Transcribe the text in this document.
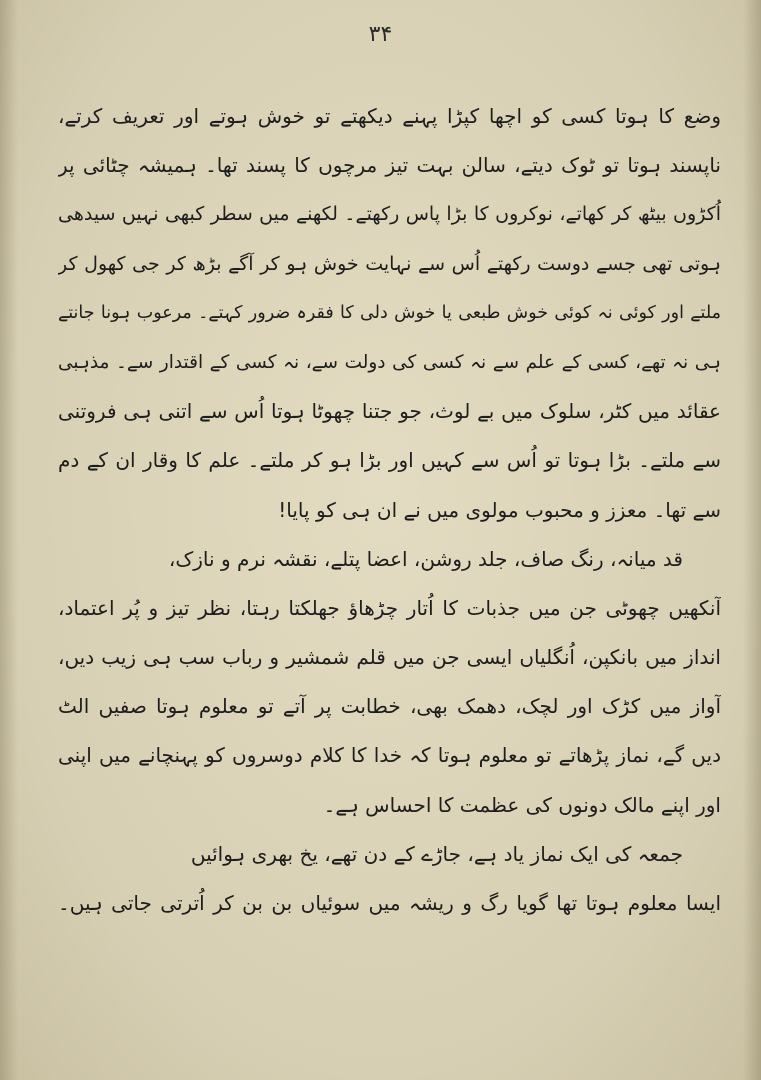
۳۴
وضع کا ہوتا کسی کو اچھا کپڑا پہنے دیکھتے تو خوش ہوتے اور تعریف کرتے،
ناپسند ہوتا تو ٹوک دیتے، سالن بہت تیز مرچوں کا پسند تھا۔ ہمیشہ چٹائی پر
اُکڑوں بیٹھ کر کھاتے، نوکروں کا بڑا پاس رکھتے۔ لکھنے میں سطر کبھی نہیں سیدھی
ہوتی تھی جسے دوست رکھتے اُس سے نہایت خوش ہو کر آگے بڑھ کر جی کھول کر
ملتے اور کوئی نہ کوئی خوش طبعی یا خوش دلی کا فقرہ ضرور کہتے۔ مرعوب ہونا جانتے
ہی نہ تھے، کسی کے علم سے نہ کسی کی دولت سے، نہ کسی کے اقتدار سے۔ مذہبی
عقائد میں کٹر، سلوک میں بے لوث، جو جتنا چھوٹا ہوتا اُس سے اتنی ہی فروتنی
سے ملتے۔ بڑا ہوتا تو اُس سے کہیں اور بڑا ہو کر ملتے۔ علم کا وقار ان کے دم
سے تھا۔ معزز و محبوب مولوی میں نے ان ہی کو پایا!
قد میانہ، رنگ صاف، جلد روشن، اعضا پتلے، نقشہ نرم و نازک،
آنکھیں چھوٹی جن میں جذبات کا اُتار چڑھاؤ جھلکتا رہتا، نظر تیز و پُر اعتماد،
انداز میں بانکپن، اُنگلیاں ایسی جن میں قلم شمشیر و رباب سب ہی زیب دیں،
آواز میں کڑک اور لچک، دھمک بھی، خطابت پر آتے تو معلوم ہوتا صفیں الٹ
دیں گے، نماز پڑھاتے تو معلوم ہوتا کہ خدا کا کلام دوسروں کو پہنچانے میں اپنی
اور اپنے مالک دونوں کی عظمت کا احساس ہے۔
جمعہ کی ایک نماز یاد ہے، جاڑے کے دن تھے، یخ بھری ہوائیں
ایسا معلوم ہوتا تھا گویا رگ و ریشہ میں سوئیاں بن بن کر اُترتی جاتی ہیں۔
